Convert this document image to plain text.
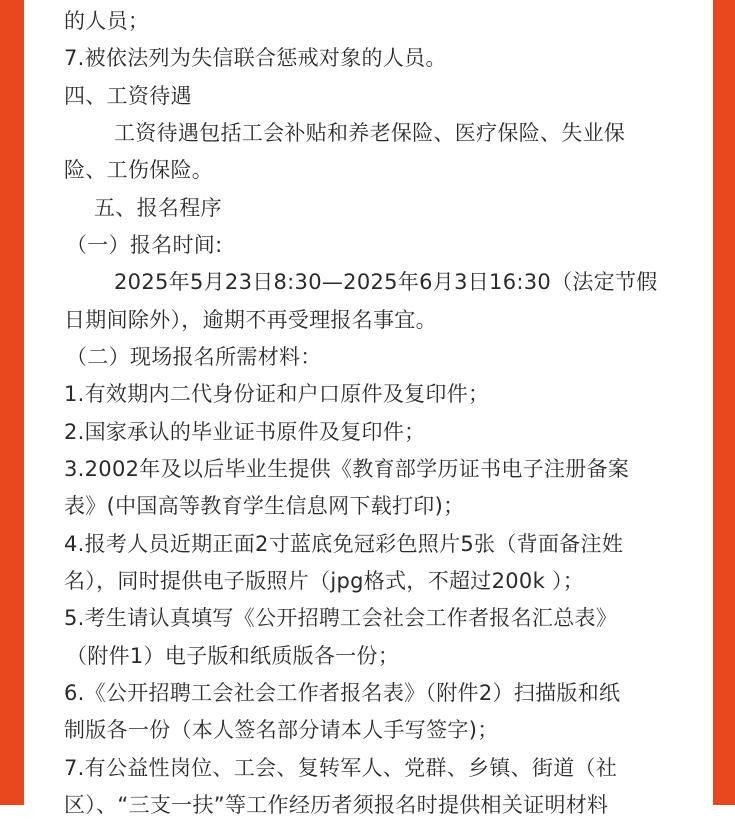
的人员；
7.被依法列为失信联合惩戒对象的人员。
四、工资待遇
工资待遇包括工会补贴和养老保险、医疗保险、失业保
险、工伤保险。
五、报名程序
（一）报名时间:
2025年5月23日8:30—2025年6月3日16:30（法定节假
日期间除外），逾期不再受理报名事宜。
（二）现场报名所需材料：
1.有效期内二代身份证和户口原件及复印件；
2.国家承认的毕业证书原件及复印件；
3.2002年及以后毕业生提供《教育部学历证书电子注册备案
表》(中国高等教育学生信息网下载打印)；
4.报考人员近期正面2寸蓝底免冠彩色照片5张（背面备注姓
名），同时提供电子版照片（jpg格式，不超过200k ）；
5.考生请认真填写《公开招聘工会社会工作者报名汇总表》
（附件1）电子版和纸质版各一份；
6.《公开招聘工会社会工作者报名表》（附件2）扫描版和纸
制版各一份（本人签名部分请本人手写签字)；
7.有公益性岗位、工会、复转军人、党群、乡镇、街道（社
区）、“三支一扶”等工作经历者须报名时提供相关证明材料
